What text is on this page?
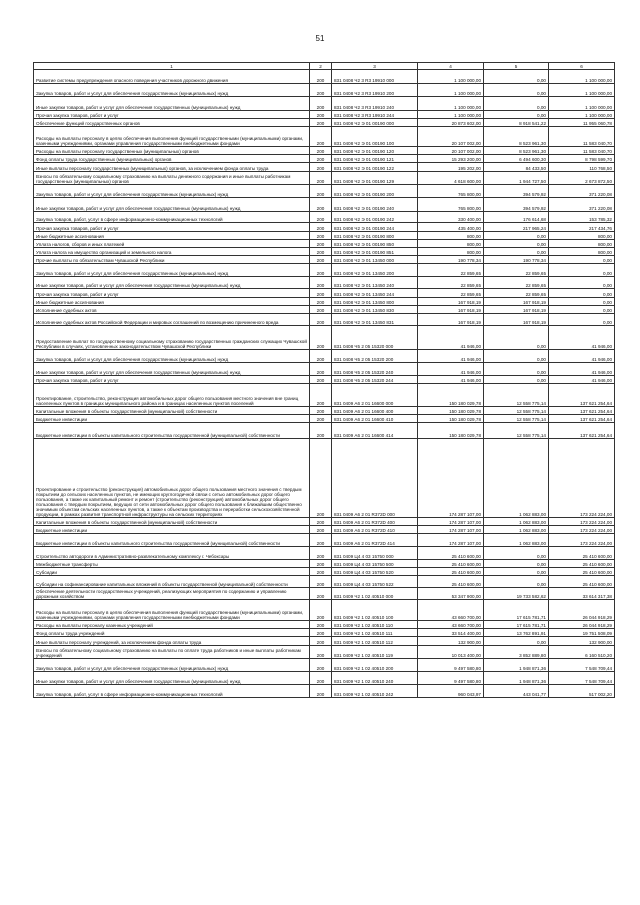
51
1	2	3	4	5	6
Развитие системы предупреждения опасного поведения участников дорожного движения	200	831 0408 Ч2 3 R3 19910 000	1 100 000,00	0,00	1 100 000,00
Закупка товаров, работ и услуг для обеспечения государственных (муниципальных) нужд	200	831 0408 Ч2 3 R3 19910 200	1 100 000,00	0,00	1 100 000,00
Иные закупки товаров, работ и услуг для обеспечения государственных (муниципальных) нужд	200	831 0408 Ч2 3 R3 19910 240	1 100 000,00	0,00	1 100 000,00
Прочая закупка товаров, работ и услуг	200	831 0408 Ч2 3 R3 19910 244	1 100 000,00	0,00	1 100 000,00
Обеспечение функций государственных органов	200	831 0408 Ч2 Э 01 00190 000	20 873 602,00	8 918 541,22	11 955 060,78
Расходы на выплаты персоналу в целях обеспечения выполнения функций государственными (муниципальными) органами, казенными учреждениями, органами управления государственными внебюджетными фондами	200	831 0408 Ч2 Э 01 00190 100	20 107 002,00	8 523 961,30	11 583 040,70
Расходы на выплаты персоналу государственных (муниципальных) органов	200	831 0408 Ч2 Э 01 00190 120	20 107 002,00	8 523 961,30	11 583 040,70
Фонд оплаты труда государственных (муниципальных) органов	200	831 0408 Ч2 Э 01 00190 121	15 293 200,00	6 494 600,30	8 798 599,70
Иные выплаты персоналу государственных (муниципальных) органов, за исключением фонда оплаты труда	200	831 0408 Ч2 Э 01 00190 122	195 202,00	84 433,50	110 768,50
Взносы по обязательному социальному страхованию на выплаты денежного содержания и иные выплаты работникам государственных (муниципальных) органов	200	831 0408 Ч2 Э 01 00190 129	4 618 600,00	1 944 727,50	2 673 872,50
Закупка товаров, работ и услуг для обеспечения государственных (муниципальных) нужд	200	831 0408 Ч2 Э 01 00190 200	765 800,00	394 579,92	371 220,08
Иные закупки товаров, работ и услуг для обеспечения государственных (муниципальных) нужд	200	831 0408 Ч2 Э 01 00190 240	765 800,00	394 579,92	371 220,08
Закупка товаров, работ, услуг в сфере информационно-коммуникационных технологий	200	831 0408 Ч2 Э 01 00190 242	330 400,00	176 614,68	153 785,32
Прочая закупка товаров, работ и услуг	200	831 0408 Ч2 Э 01 00190 244	435 400,00	217 965,24	217 434,76
Иные бюджетные ассигнования	200	831 0408 Ч2 Э 01 00190 800	800,00	0,00	800,00
Уплата налогов, сборов и иных платежей	200	831 0408 Ч2 Э 01 00190 850	800,00	0,00	800,00
Уплата налога на имущество организаций и земельного налога	200	831 0408 Ч2 Э 01 00190 851	800,00	0,00	800,00
Прочие выплаты по обязательствам Чувашской Республики	200	831 0408 Ч2 Э 01 13450 000	190 778,34	190 778,34	0,00
Закупка товаров, работ и услуг для обеспечения государственных (муниципальных) нужд	200	831 0408 Ч2 Э 01 13450 200	22 859,65	22 859,65	0,00
Иные закупки товаров, работ и услуг для обеспечения государственных (муниципальных) нужд	200	831 0408 Ч2 Э 01 13450 240	22 859,65	22 859,65	0,00
Прочая закупка товаров, работ и услуг	200	831 0408 Ч2 Э 01 13450 244	22 859,65	22 859,65	0,00
Иные бюджетные ассигнования	200	831 0408 Ч2 Э 01 13450 800	167 918,19	167 918,19	0,00
Исполнение судебных актов	200	831 0408 Ч2 Э 01 13450 830	167 918,19	167 918,19	0,00
Исполнение судебных актов Российской Федерации и мировых соглашений по возмещению причиненного вреда	200	831 0408 Ч2 Э 01 13450 831	167 918,19	167 918,19	0,00
Предоставление выплат по государственному социальному страхованию государственных гражданских служащих Чувашской Республики в случаях, установленных законодательством Чувашской Республики	200	831 0408 Ч5 2 05 15320 000	41 946,00	0,00	41 946,00
Закупка товаров, работ и услуг для обеспечения государственных (муниципальных) нужд	200	831 0408 Ч5 2 05 15320 200	41 946,00	0,00	41 946,00
Иные закупки товаров, работ и услуг для обеспечения государственных (муниципальных) нужд	200	831 0408 Ч5 2 05 15320 240	41 946,00	0,00	41 946,00
Прочая закупка товаров, работ и услуг	200	831 0408 Ч5 2 05 15320 244	41 946,00	0,00	41 946,00
Проектирование, строительство, реконструкция автомобильных дорог общего пользования местного значения вне границ населенных пунктов в границах муниципального района и в границах населенных пунктов поселений	200	831 0409 А6 2 01 16600 000	150 180 029,78	12 558 775,14	137 621 254,64
Капитальные вложения в объекты государственной (муниципальной) собственности	200	831 0409 А6 2 01 16600 400	150 180 029,78	12 558 775,14	137 621 254,64
Бюджетные инвестиции	200	831 0409 А6 2 01 16600 410	150 180 029,78	12 558 775,14	137 621 254,64
Бюджетные инвестиции в объекты капитального строительства государственной (муниципальной) собственности	200	831 0409 А6 2 01 16600 414	150 180 029,78	12 558 775,14	137 621 254,64
Проектирование и строительство (реконструкция) автомобильных дорог общего пользования местного значения с твердым покрытием до сельских населенных пунктов, не имеющих круглогодичной связи с сетью автомобильных дорог общего пользования, а также их капитальный ремонт и ремонт (строительство (реконструкция) автомобильных дорог общего пользования с твердым покрытием, ведущих от сети автомобильных дорог общего пользования к ближайшим общественно значимым объектам сельских населенных пунктов, а также к объектам производства и переработки сельскохозяйственной продукции, в рамках развития транспортной инфраструктуры на сельских территориях	200	831 0409 А6 2 01 R372D 000	174 287 107,00	1 062 883,00	173 224 224,00
Капитальные вложения в объекты государственной (муниципальной) собственности	200	831 0409 А6 2 01 R372D 400	174 287 107,00	1 062 883,00	173 224 224,00
Бюджетные инвестиции	200	831 0409 А6 2 01 R372D 410	174 287 107,00	1 062 883,00	173 224 224,00
Бюджетные инвестиции в объекты капитального строительства государственной (муниципальной) собственности	200	831 0409 А6 2 01 R372D 414	174 287 107,00	1 062 883,00	173 224 224,00
Строительство автодороги в Административно-развлекательному комплексу г. Чебоксары	200	831 0409 Ц4 4 03 15750 000	25 410 600,00	0,00	25 410 600,00
Межбюджетные трансферты	200	831 0409 Ц4 4 03 15750 500	25 410 600,00	0,00	25 410 600,00
Субсидии	200	831 0409 Ц4 4 03 15750 520	25 410 600,00	0,00	25 410 600,00
Субсидии на софинансирование капитальных вложений в объекты государственной (муниципальной) собственности	200	831 0409 Ц4 4 03 15750 522	25 410 600,00	0,00	25 410 600,00
Обеспечение деятельности государственных учреждений, реализующих мероприятия по содержанию и управлению дорожным хозяйством	200	831 0409 Ч2 1 02 40510 000	53 347 900,00	19 733 582,62	33 614 317,38
Расходы на выплаты персоналу в целях обеспечения выполнения функций государственными (муниципальными) органами, казенными учреждениями, органами управления государственными внебюджетными фондами	200	831 0409 Ч2 1 02 40510 100	43 660 700,00	17 615 781,71	26 044 918,29
Расходы на выплаты персоналу казенных учреждений	200	831 0409 Ч2 1 02 40510 110	43 660 700,00	17 615 781,71	26 044 918,29
Фонд оплаты труда учреждений	200	831 0409 Ч2 1 02 40510 111	33 514 400,00	13 762 891,91	19 751 508,09
Иные выплаты персоналу учреждений, за исключением фонда оплаты труда	200	831 0409 Ч2 1 02 40510 112	132 900,00	0,00	132 900,00
Взносы по обязательному социальному страхованию на выплаты по оплате труда работников и иные выплаты работникам учреждений	200	831 0409 Ч2 1 02 40510 119	10 013 400,00	3 852 889,80	6 160 510,20
Закупка товаров, работ и услуг для обеспечения государственных (муниципальных) нужд	200	831 0409 Ч2 1 02 40510 200	9 497 580,80	1 948 871,36	7 548 709,44
Иные закупки товаров, работ и услуг для обеспечения государственных (муниципальных) нужд	200	831 0409 Ч2 1 02 40510 240	9 497 580,80	1 948 871,36	7 548 709,44
Закупка товаров, работ, услуг в сфере информационно-коммуникационных технологий	200	831 0409 Ч2 1 02 40510 242	960 043,97	443 041,77	517 002,20
